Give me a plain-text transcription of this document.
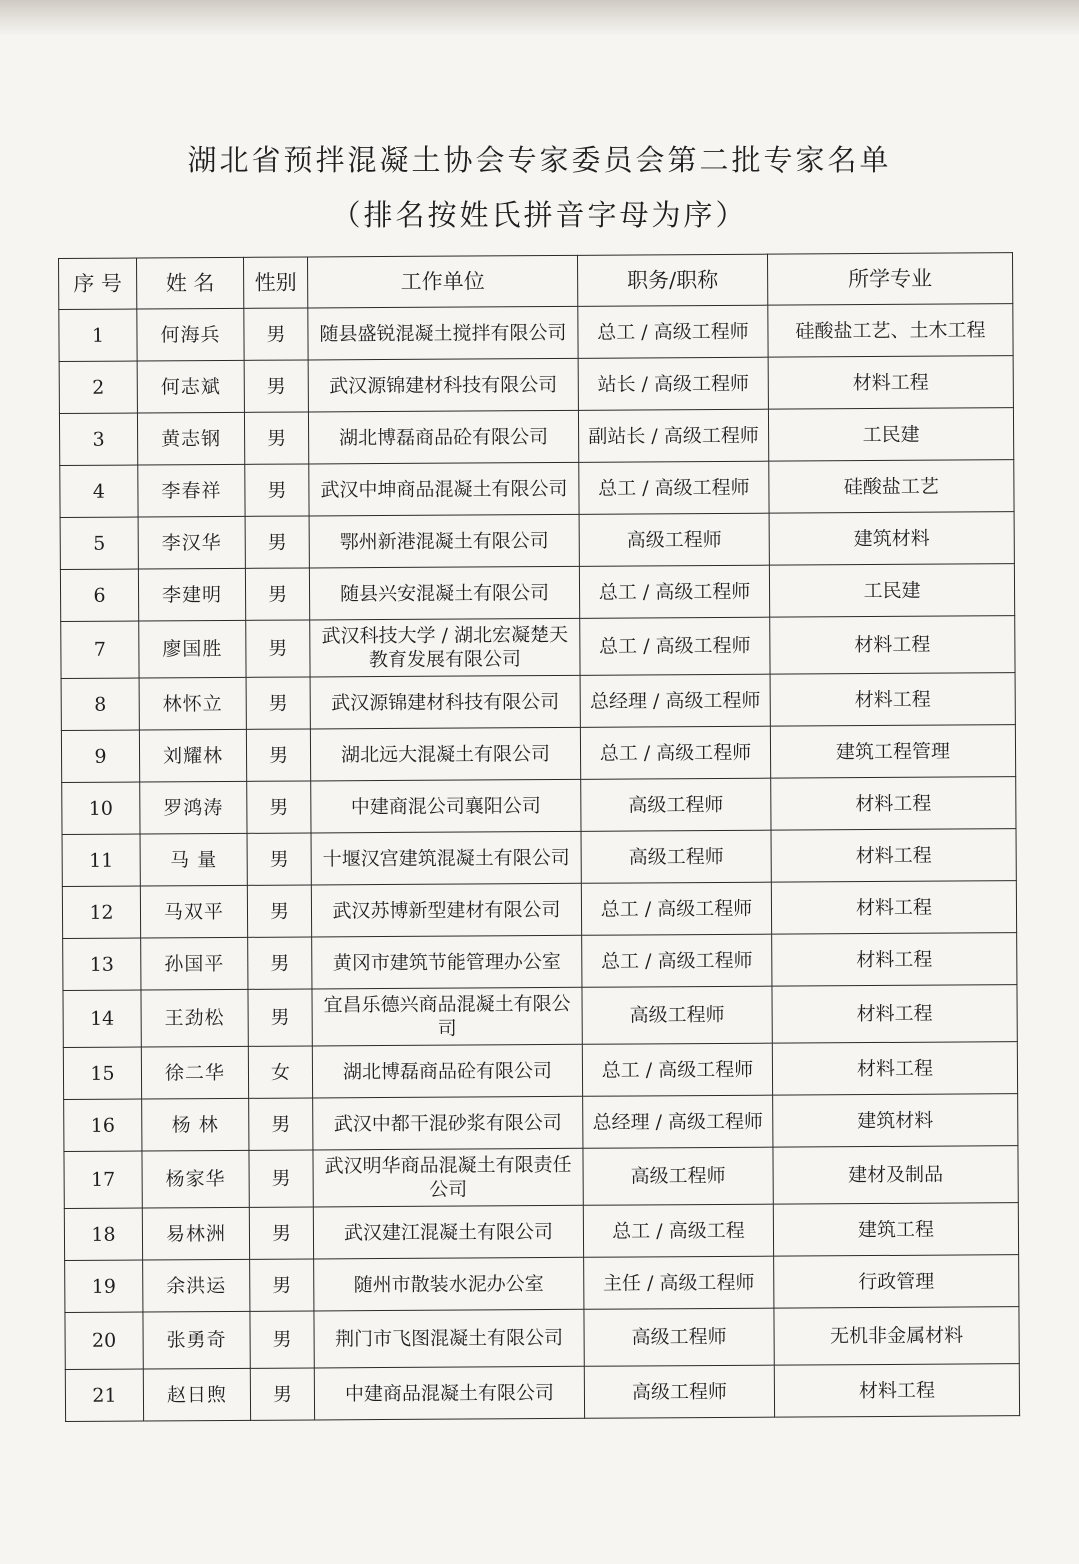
湖北省预拌混凝土协会专家委员会第二批专家名单
（排名按姓氏拼音字母为序）
序 号	姓 名	性别	工作单位	职务/职称	所学专业
1	何海兵	男	随县盛锐混凝土搅拌有限公司	总工 / 高级工程师	硅酸盐工艺、土木工程
2	何志斌	男	武汉源锦建材科技有限公司	站长 / 高级工程师	材料工程
3	黄志钢	男	湖北博磊商品砼有限公司	副站长 / 高级工程师	工民建
4	李春祥	男	武汉中坤商品混凝土有限公司	总工 / 高级工程师	硅酸盐工艺
5	李汉华	男	鄂州新港混凝土有限公司	高级工程师	建筑材料
6	李建明	男	随县兴安混凝土有限公司	总工 / 高级工程师	工民建
7	廖国胜	男	武汉科技大学 / 湖北宏凝楚天教育发展有限公司	总工 / 高级工程师	材料工程
8	林怀立	男	武汉源锦建材科技有限公司	总经理 / 高级工程师	材料工程
9	刘耀林	男	湖北远大混凝土有限公司	总工 / 高级工程师	建筑工程管理
10	罗鸿涛	男	中建商混公司襄阳公司	高级工程师	材料工程
11	马 量	男	十堰汉宫建筑混凝土有限公司	高级工程师	材料工程
12	马双平	男	武汉苏博新型建材有限公司	总工 / 高级工程师	材料工程
13	孙国平	男	黄冈市建筑节能管理办公室	总工 / 高级工程师	材料工程
14	王劲松	男	宜昌乐德兴商品混凝土有限公司	高级工程师	材料工程
15	徐二华	女	湖北博磊商品砼有限公司	总工 / 高级工程师	材料工程
16	杨 林	男	武汉中都干混砂浆有限公司	总经理 / 高级工程师	建筑材料
17	杨家华	男	武汉明华商品混凝土有限责任公司	高级工程师	建材及制品
18	易林洲	男	武汉建江混凝土有限公司	总工 / 高级工程	建筑工程
19	余洪运	男	随州市散装水泥办公室	主任 / 高级工程师	行政管理
20	张勇奇	男	荆门市飞图混凝土有限公司	高级工程师	无机非金属材料
21	赵日煦	男	中建商品混凝土有限公司	高级工程师	材料工程
